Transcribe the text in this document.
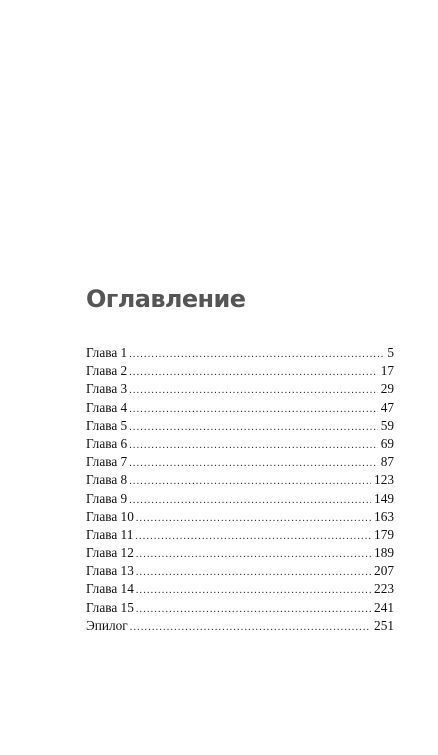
Оглавление
Глава 1 .....	5
Глава 2 .....	17
Глава 3 .....	29
Глава 4 .....	47
Глава 5 .....	59
Глава 6 .....	69
Глава 7 .....	87
Глава 8 .....	123
Глава 9 .....	149
Глава 10 .....	163
Глава 11 .....	179
Глава 12 .....	189
Глава 13 .....	207
Глава 14 .....	223
Глава 15 .....	241
Эпилог .....	251
